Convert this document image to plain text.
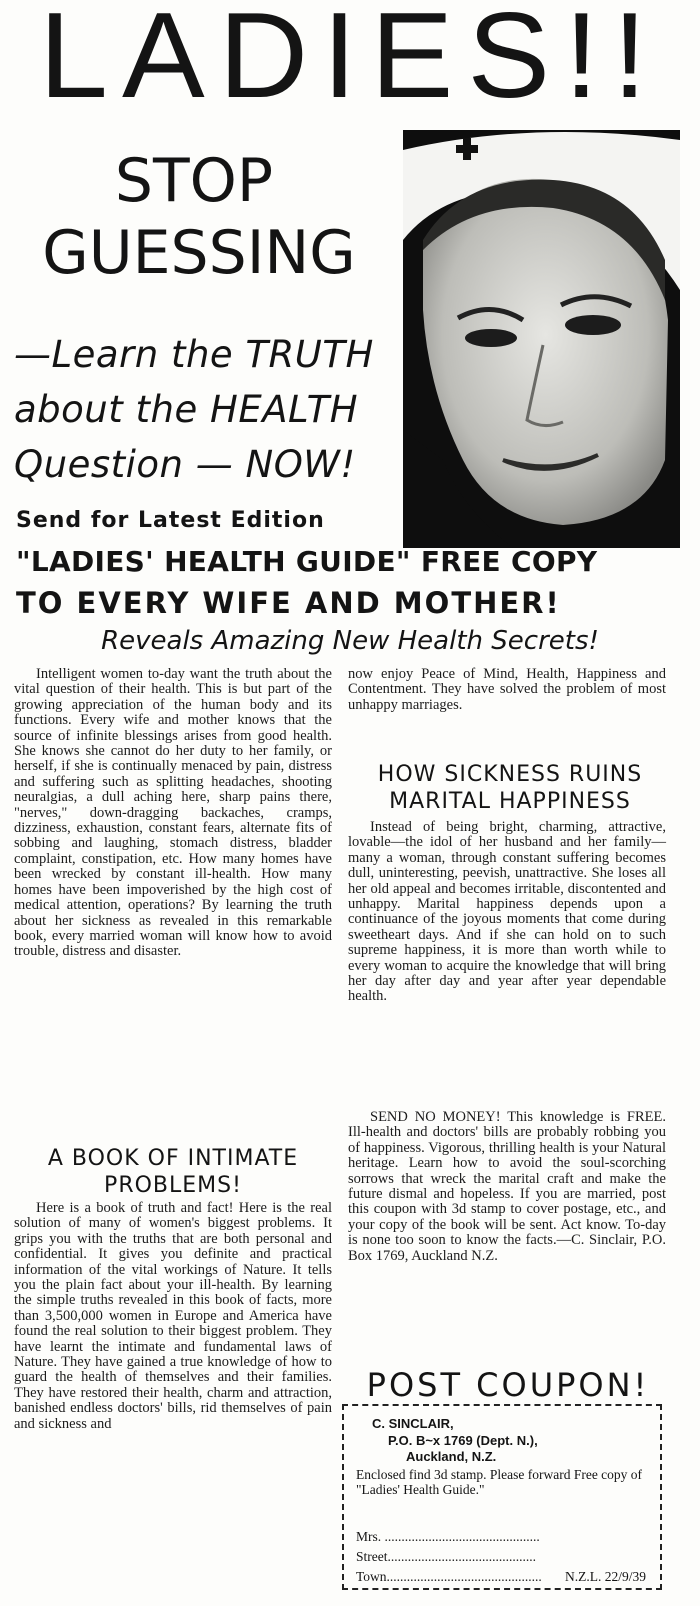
LADIES!!
STOP
GUESSING
—Learn the TRUTH
about the HEALTH
Question — NOW!
Send for Latest Edition
"LADIES' HEALTH GUIDE" FREE COPY
TO EVERY WIFE AND MOTHER!
Reveals Amazing New Health Secrets!
Intelligent women to-day want the truth about the vital question of their health. This is but part of the growing appreciation of the human body and its functions. Every wife and mother knows that the source of infinite blessings arises from good health. She knows she cannot do her duty to her family, or herself, if she is continually menaced by pain, distress and suffering such as splitting headaches, shooting neuralgias, a dull aching here, sharp pains there, "nerves," down-dragging backaches, cramps, dizziness, exhaustion, constant fears, alternate fits of sobbing and laughing, stomach distress, bladder complaint, constipation, etc. How many homes have been wrecked by constant ill-health. How many homes have been impoverished by the high cost of medical attention, operations? By learning the truth about her sickness as revealed in this remarkable book, every married woman will know how to avoid trouble, distress and disaster.
A BOOK OF INTIMATE PROBLEMS!
Here is a book of truth and fact! Here is the real solution of many of women's biggest problems. It grips you with the truths that are both personal and confidential. It gives you definite and practical information of the vital workings of Nature. It tells you the plain fact about your ill-health. By learning the simple truths revealed in this book of facts, more than 3,500,000 women in Europe and America have found the real solution to their biggest problem. They have learnt the intimate and fundamental laws of Nature. They have gained a true knowledge of how to guard the health of themselves and their families. They have restored their health, charm and attraction, banished endless doctors' bills, rid themselves of pain and sickness and
now enjoy Peace of Mind, Health, Happiness and Contentment. They have solved the problem of most unhappy marriages.
HOW SICKNESS RUINS MARITAL HAPPINESS
Instead of being bright, charming, attractive, lovable—the idol of her husband and her family—many a woman, through constant suffering becomes dull, uninteresting, peevish, unattractive. She loses all her old appeal and becomes irritable, discontented and unhappy. Marital happiness depends upon a continuance of the joyous moments that come during sweetheart days. And if she can hold on to such supreme happiness, it is more than worth while to every woman to acquire the knowledge that will bring her day after day and year after year dependable health.
SEND NO MONEY! This knowledge is FREE. Ill-health and doctors' bills are probably robbing you of happiness. Vigorous, thrilling health is your Natural heritage. Learn how to avoid the soul-scorching sorrows that wreck the marital craft and make the future dismal and hopeless. If you are married, post this coupon with 3d stamp to cover postage, etc., and your copy of the book will be sent. Act know. To-day is none too soon to know the facts.—C. Sinclair, P.O. Box 1769, Auckland N.Z.
POST COUPON!
C. SINCLAIR,
P.O. B~x 1769 (Dept. N.),
Auckland, N.Z.
Enclosed find 3d stamp. Please forward Free copy of "Ladies' Health Guide."
Mrs. ..............................................
Street............................................
Town..............................................	N.Z.L. 22/9/39
